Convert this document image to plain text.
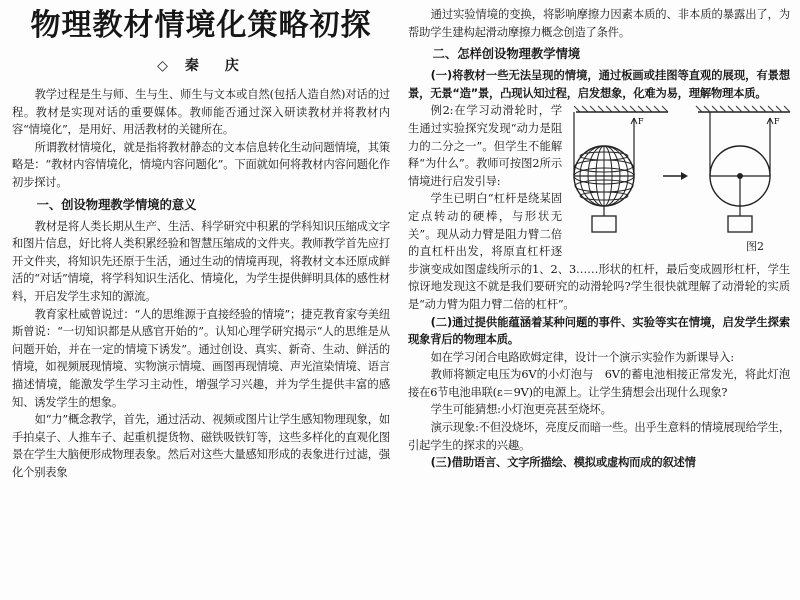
物理教材情境化策略初探
◇ 秦　庆

教学过程是生与师、生与生、师生与文本或自然(包括人造自然)对话的过程。教材是实现对话的重要媒体。教师能否通过深入研读教材并将教材内容“情境化”，是用好、用活教材的关键所在。

所谓教材情境化，就是指将教材静态的文本信息转化生动问题情境，其策略是：“教材内容情境化，情境内容问题化”。下面就如何将教材内容问题化作初步探讨。

一、创设物理教学情境的意义

教材是将人类长期从生产、生活、科学研究中积累的学科知识压缩成文字和图片信息，好比将人类积累经验和智慧压缩成的文件夹。教师教学首先应打开文件夹，将知识先还原于生活，通过生动的情境再现，将教材文本还原成鲜活的“对话”情境，将学科知识生活化、情境化，为学生提供鲜明具体的感性材料，开启发学生求知的源流。

教育家杜威曾说过：“人的思维源于直接经验的情境”；捷克教育家夸美纽斯曾说：“一切知识都是从感官开始的”。认知心理学研究揭示“人的思维是从问题开始，并在一定的情境下诱发”。通过创设、真实、新奇、生动、鲜活的情境，如视频展现情境、实物演示情境、画图再现情境、声光渲染情境、语言描述情境，能激发学生学习主动性，增强学习兴趣，并为学生提供丰富的感知、诱发学生的想象。

如“力”概念教学，首先，通过活动、视频或图片让学生感知物理现象，如手拍桌子、人推车子、起重机提货物、磁铁吸铁钉等，这些多样化的直观化图景在学生大脑便形成物理表象。然后对这些大量感知形成的表象进行过滤，强化个别表象

通过实验情境的变换，将影响摩擦力因素本质的、非本质的暴露出了，为帮助学生建构起滑动摩擦力概念创造了条件。

二、怎样创设物理教学情境

(一)将教材一些无法呈现的情境，通过板画或挂图等直观的展现，有景想景，无景“造”景，凸现认知过程，启发想象，化难为易，理解物理本质。

F	F
图2

例2:在学习动滑轮时，学生通过实验探究发现“动力是阻力的二分之一”。但学生不能解释“为什么”。教师可按图2所示情境进行启发引导:

学生已明白“杠杆是绕某固定点转动的硬棒，与形状无关”。现从动力臂是阻力臂二倍的直杠杆出发，将原直杠杆逐步演变成如图虚线所示的1、2、3……形状的杠杆，最后变成圆形杠杆，学生惊讶地发现这不就是我们要研究的动滑轮吗?学生很快就理解了动滑轮的实质是“动力臂为阻力臂二倍的杠杆”。

(二)通过提供能蕴涵着某种问题的事件、实验等实在情境，启发学生探索现象背后的物理本质。

如在学习闭合电路欧姆定律，设计一个演示实验作为新课导入:

教师将额定电压为6V的小灯泡与　6V的蓄电池相接正常发光，将此灯泡接在6节电池串联(ε＝9V)的电源上。让学生猜想会出现什么现象?

学生可能猜想:小灯泡更亮甚至烧坏。

演示现象:不但没烧坏，亮度反而暗一些。出乎生意料的情境展现给学生，引起学生的探求的兴趣。

(三)借助语言、文字所描绘、模拟或虚构而成的叙述情
